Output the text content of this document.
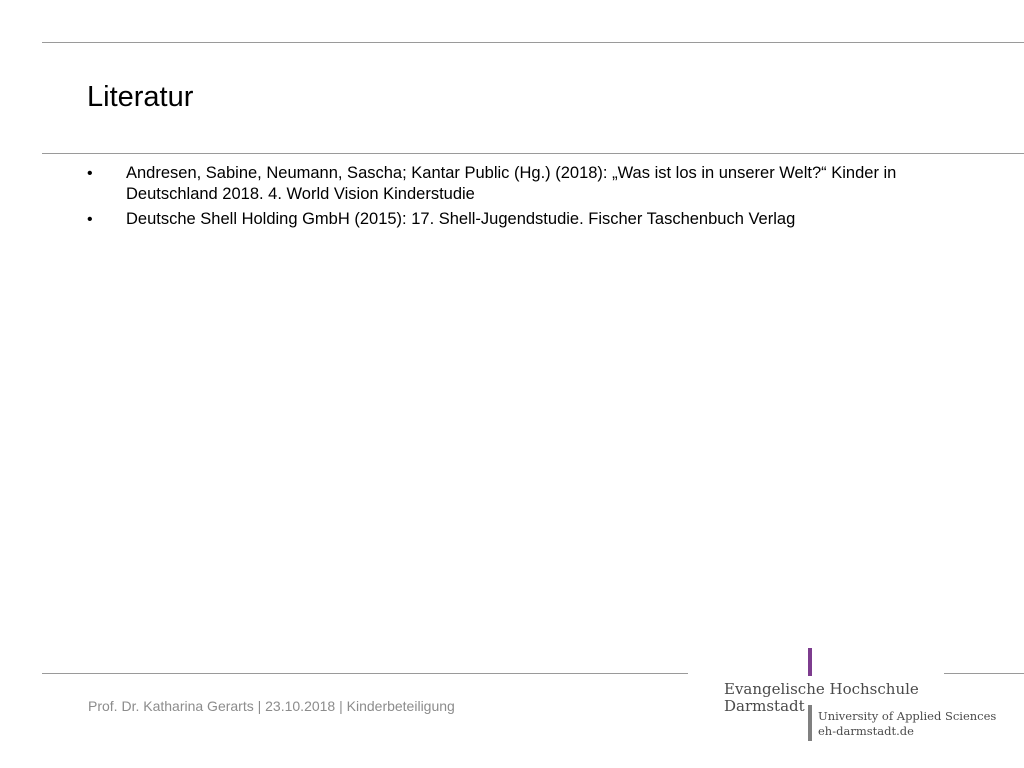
Literatur
•	Andresen, Sabine, Neumann, Sascha; Kantar Public (Hg.) (2018): „Was ist los in unserer Welt?“ Kinder in Deutschland 2018. 4. World Vision Kinderstudie
•	Deutsche Shell Holding GmbH (2015): 17. Shell-Jugendstudie. Fischer Taschenbuch Verlag
Prof. Dr. Katharina Gerarts | 23.10.2018 | Kinderbeteiligung
Evangelische Hochschule
Darmstadt
University of Applied Sciences
eh-darmstadt.de
